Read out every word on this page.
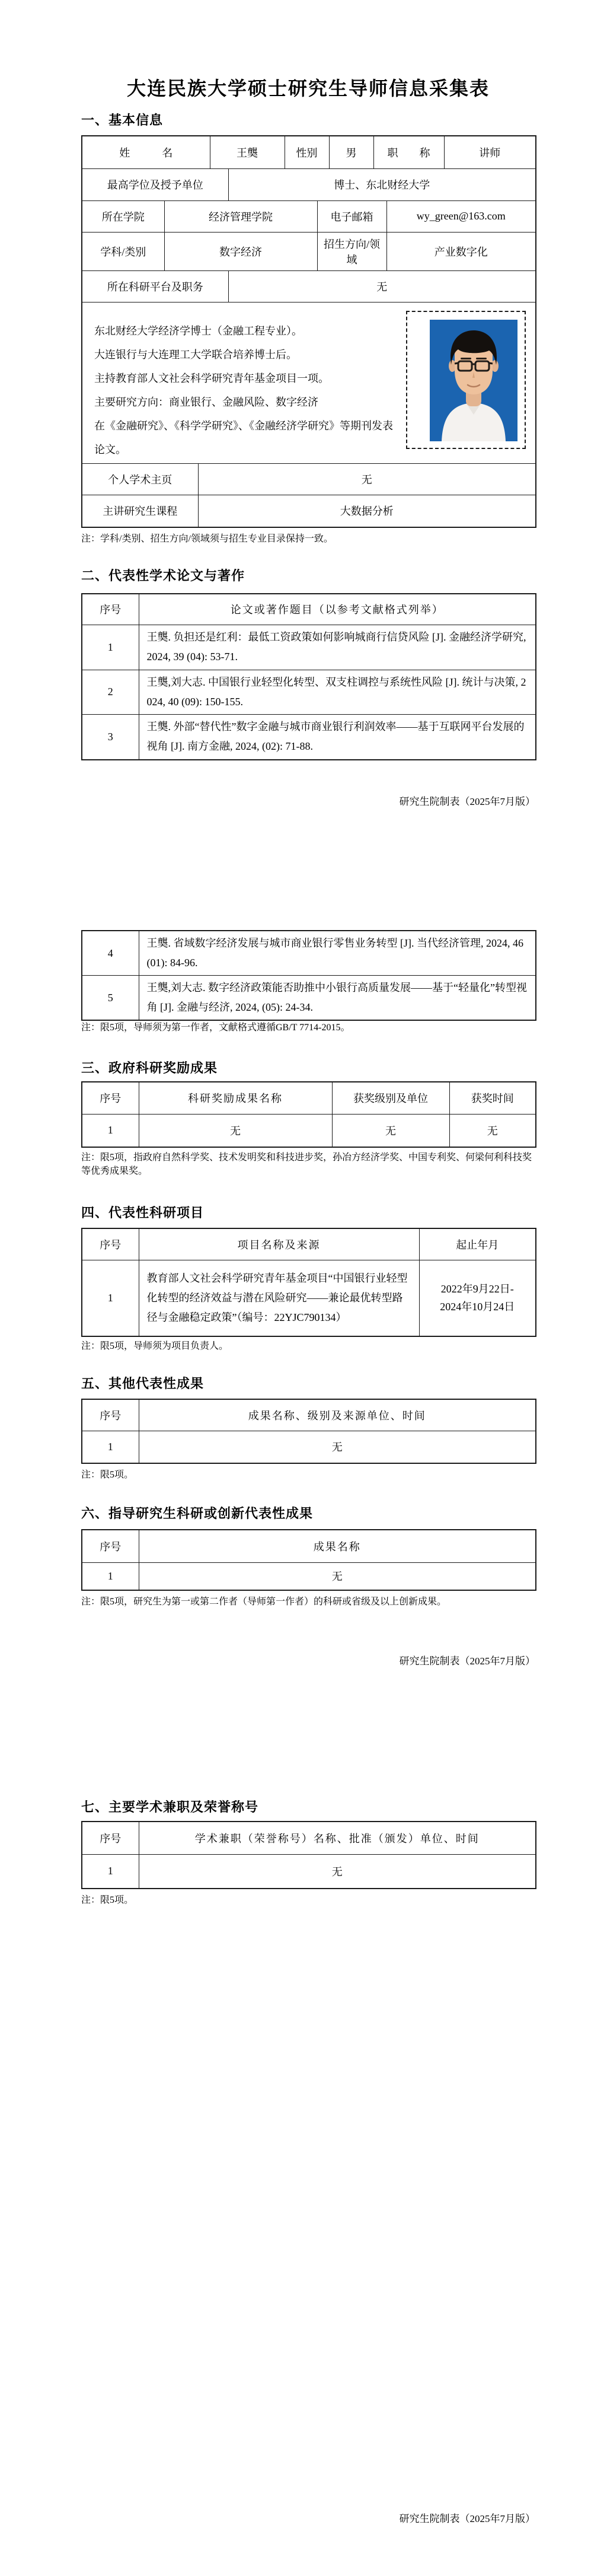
大连民族大学硕士研究生导师信息采集表
一、基本信息
姓　　　名			王龑		性别		男	职　　称		讲师
最高学位及授予单位				博士、东北财经大学						
所在学院	经济管理学院					电子邮箱			wy_green@163.com	
学科/类别	数字经济					招生方向/领域			产业数字化	
所在科研平台及职务				无						

东北财经大学经济学博士（金融工程专业）。
大连银行与大连理工大学联合培养博士后。
主持教育部人文社会科学研究青年基金项目一项。
主要研究方向：商业银行、金融风险、数字经济
在《金融研究》、《科学学研究》、《金融经济学研究》等期刊发表论文。										

个人学术主页		无								
主讲研究生课程		大数据分析								
注：学科/类别、招生方向/领域须与招生专业目录保持一致。
二、代表性学术论文与著作
序号	论文或著作题目（以参考文献格式列举）
1	王龑. 负担还是红利：最低工资政策如何影响城商行信贷风险 [J]. 金融经济学研究, 2024, 39 (04): 53-71.
2	王龑,刘大志. 中国银行业轻型化转型、双支柱调控与系统性风险 [J]. 统计与决策, 2024, 40 (09): 150-155.
3	王龑. 外部“替代性”数字金融与城市商业银行利润效率——基于互联网平台发展的视角 [J]. 南方金融, 2024, (02): 71-88.
研究生院制表（2025年7月版）
4	王龑. 省域数字经济发展与城市商业银行零售业务转型 [J]. 当代经济管理, 2024, 46 (01): 84-96.
5	王龑,刘大志. 数字经济政策能否助推中小银行高质量发展——基于“轻量化”转型视角 [J]. 金融与经济, 2024, (05): 24-34.
注：限5项，导师须为第一作者，文献格式遵循GB/T 7714-2015。
三、政府科研奖励成果
序号	科研奖励成果名称	获奖级别及单位	获奖时间
1	无	无	无
注：限5项，指政府自然科学奖、技术发明奖和科技进步奖，孙冶方经济学奖、中国专利奖、何梁何利科技奖等优秀成果奖。
四、代表性科研项目
序号	项目名称及来源	起止年月
1	教育部人文社会科学研究青年基金项目“中国银行业轻型化转型的经济效益与潜在风险研究——兼论最优转型路径与金融稳定政策”（编号：22YJC790134）	2022年9月22日-
2024年10月24日
注：限5项，导师须为项目负责人。
五、其他代表性成果
序号	成果名称、级别及来源单位、时间
1	无
注：限5项。
六、指导研究生科研或创新代表性成果
序号	成果名称
1	无
注：限5项，研究生为第一或第二作者（导师第一作者）的科研或省级及以上创新成果。
研究生院制表（2025年7月版）
七、主要学术兼职及荣誉称号
序号	学术兼职（荣誉称号）名称、批准（颁发）单位、时间
1	无
注：限5项。
研究生院制表（2025年7月版）
